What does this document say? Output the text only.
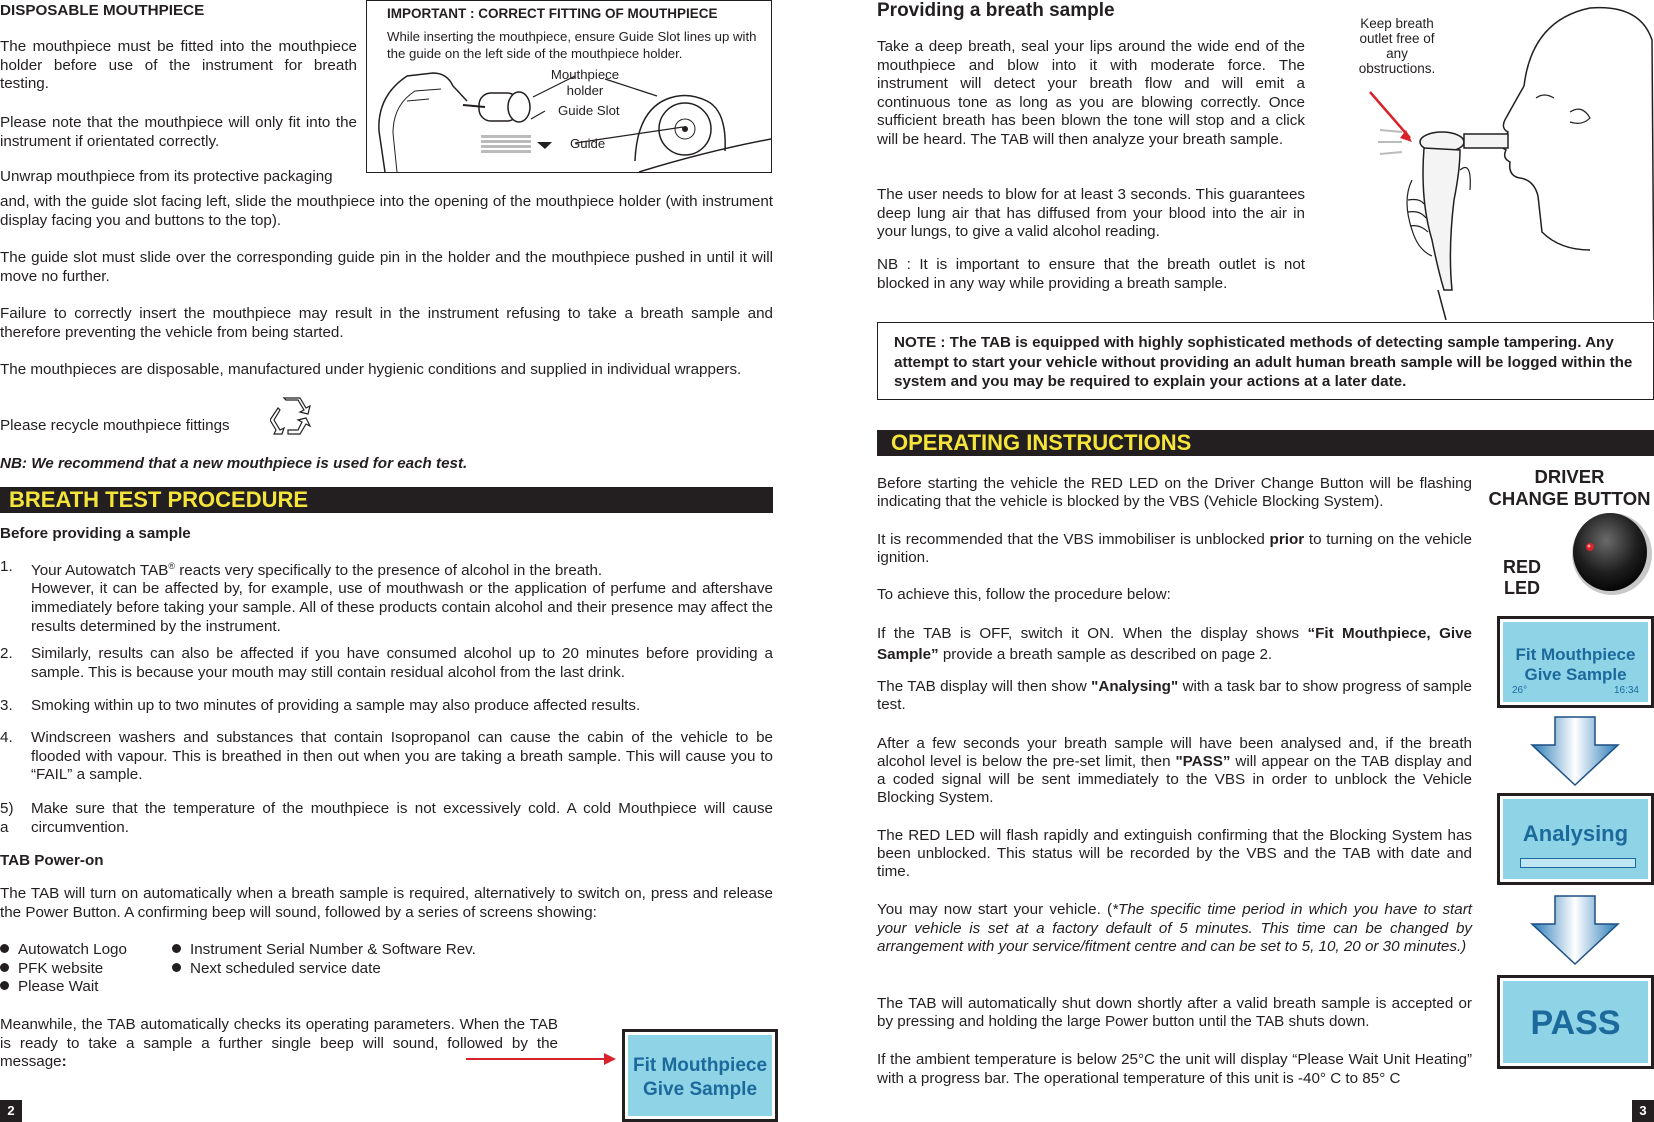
DISPOSABLE MOUTHPIECE

The mouthpiece must be fitted into the mouthpiece holder before use of the instrument for breath testing.

Please note that the mouthpiece will only fit into the instrument if orientated correctly.

Unwrap mouthpiece from its protective packaging

IMPORTANT : CORRECT FITTING OF MOUTHPIECE
While inserting the mouthpiece, ensure Guide Slot lines up with the guide on the left side of the mouthpiece holder.
Mouthpiece holder
Guide Slot
Guide

and, with the guide slot facing left, slide the mouthpiece into the opening of the mouthpiece holder (with instrument display facing you and buttons to the top).

The guide slot must slide over the corresponding guide pin in the holder and the mouthpiece pushed in until it will move no further.

Failure to correctly insert the mouthpiece may result in the instrument refusing to take a breath sample and therefore preventing the vehicle from being started.

The mouthpieces are disposable, manufactured under hygienic conditions and supplied in individual wrappers.

Please recycle mouthpiece fittings

NB: We recommend that a new mouthpiece is used for each test.

BREATH TEST PROCEDURE
Before providing a sample
1. Your Autowatch TAB® reacts very specifically to the presence of alcohol in the breath.
However, it can be affected by, for example, use of mouthwash or the application of perfume and aftershave immediately before taking your sample. All of these products contain alcohol and their presence may affect the results determined by the instrument.
2. Similarly, results can also be affected if you have consumed alcohol up to 20 minutes before providing a sample. This is because your mouth may still contain residual alcohol from the last drink.
3. Smoking within up to two minutes of providing a sample may also produce affected results.
4. Windscreen washers and substances that contain Isopropanol can cause the cabin of the vehicle to be flooded with vapour. This is breathed in then out when you are taking a breath sample. This will cause you to “FAIL” a sample.
5)
a
Make sure that the temperature of the mouthpiece is not excessively cold. A cold Mouthpiece will cause circumvention.
TAB Power-on

The TAB will turn on automatically when a breath sample is required, alternatively to switch on, press and release the Power Button. A confirming beep will sound, followed by a series of screens showing:

Autowatch Logo
PFK website
Please Wait
Instrument Serial Number & Software Rev.
Next scheduled service date

Meanwhile, the TAB automatically checks its operating parameters. When the TAB is ready to take a sample a further single beep will sound, followed by the message:	Fit Mouthpiece
Give Sample
2
Providing a breath sample

Take a deep breath, seal your lips around the wide end of the mouthpiece and blow into it with moderate force. The instrument will detect your breath flow and will emit a continuous tone as long as you are blowing correctly. Once sufficient breath has been blown the tone will stop and a click will be heard. The TAB will then analyze your breath sample.

The user needs to blow for at least 3 seconds. This guarantees deep lung air that has diffused from your blood into the air in your lungs, to give a valid alcohol reading.

NB : It is important to ensure that the breath outlet is not blocked in any way while providing a breath sample.

Keep breath outlet free of any obstructions.

NOTE : The TAB is equipped with highly sophisticated methods of detecting sample tampering. Any attempt to start your vehicle without providing an adult human breath sample will be logged within the system and you may be required to explain your actions at a later date.

OPERATING INSTRUCTIONS

Before starting the vehicle the RED LED on the Driver Change Button will be flashing indicating that the vehicle is blocked by the VBS (Vehicle Blocking System).

It is recommended that the VBS immobiliser is unblocked prior to turning on the vehicle ignition.

To achieve this, follow the procedure below:

If the TAB is OFF, switch it ON. When the display shows “Fit Mouthpiece, Give Sample” provide a breath sample as described on page 2.

The TAB display will then show "Analysing" with a task bar to show progress of sample test.

After a few seconds your breath sample will have been analysed and, if the breath alcohol level is below the pre-set limit, then "PASS” will appear on the TAB display and a coded signal will be sent immediately to the VBS in order to unblock the Vehicle Blocking System.

The RED LED will flash rapidly and extinguish confirming that the Blocking System has been unblocked. This status will be recorded by the VBS and the TAB with date and time.

You may now start your vehicle. (*The specific time period in which you have to start your vehicle is set at a factory default of 5 minutes. This time can be changed by arrangement with your service/fitment centre and can be set to 5, 10, 20 or 30 minutes.)

The TAB will automatically shut down shortly after a valid breath sample is accepted or by pressing and holding the large Power button until the TAB shuts down.

If the ambient temperature is below 25°C the unit will display “Please Wait Unit Heating” with a progress bar. The operational temperature of this unit is -40° C to 85° C

DRIVER
CHANGE BUTTON
RED
LED
Fit Mouthpiece
Give Sample
26°	16:34
Analysing
PASS
3
